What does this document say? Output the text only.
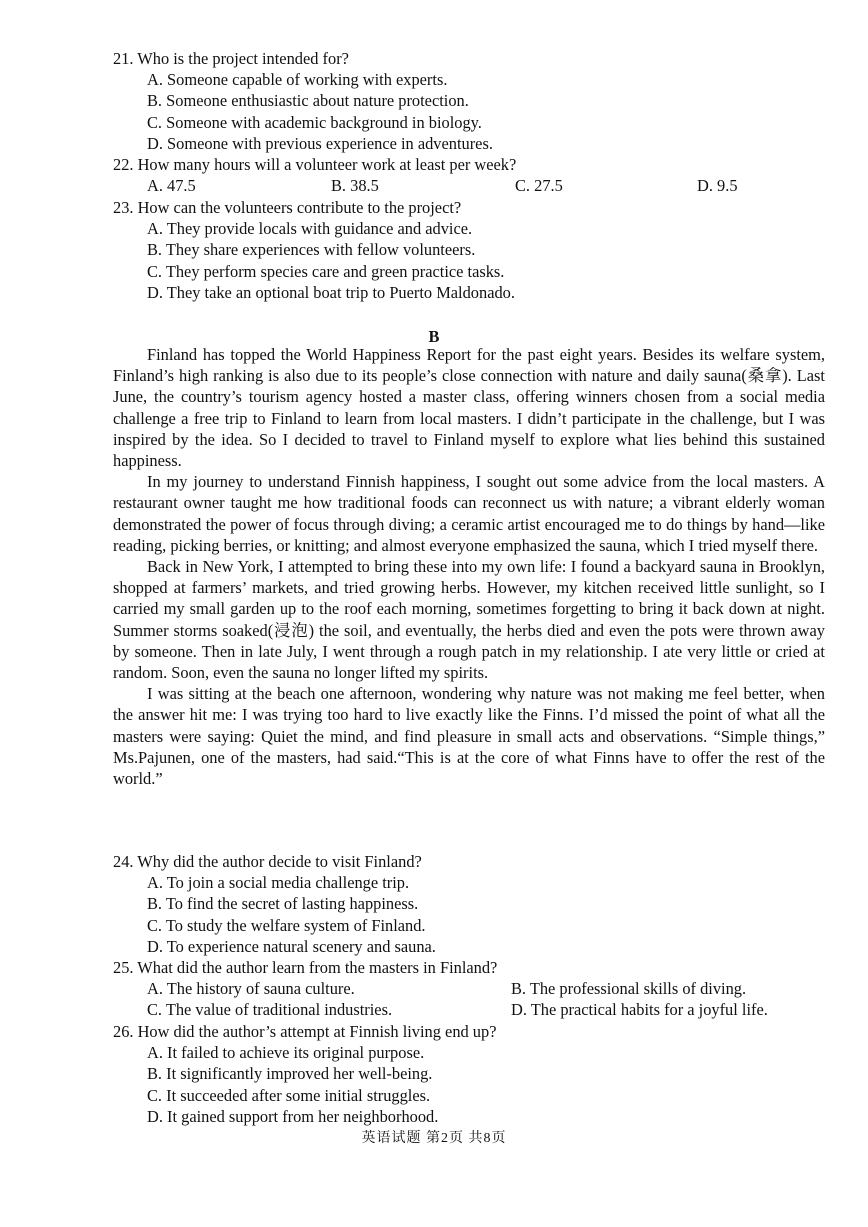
21. Who is the project intended for?

A. Someone capable of working with experts.

B. Someone enthusiastic about nature protection.

C. Someone with academic background in biology.

D. Someone with previous experience in adventures.

22. How many hours will a volunteer work at least per week?

A. 47.5	B. 38.5	C. 27.5	D. 9.5

23. How can the volunteers contribute to the project?

A. They provide locals with guidance and advice.

B. They share experiences with fellow volunteers.

C. They perform species care and green practice tasks.

D. They take an optional boat trip to Puerto Maldonado.

B

Finland has topped the World Happiness Report for the past eight years. Besides its welfare system, Finland’s high ranking is also due to its people’s close connection with nature and daily sauna(桑拿). Last June, the country’s tourism agency hosted a master class, offering winners chosen from a social media challenge a free trip to Finland to learn from local masters. I didn’t participate in the challenge, but I was inspired by the idea. So I decided to travel to Finland myself to explore what lies behind this sustained happiness.

In my journey to understand Finnish happiness, I sought out some advice from the local masters. A restaurant owner taught me how traditional foods can reconnect us with nature; a vibrant elderly woman demonstrated the power of focus through diving; a ceramic artist encouraged me to do things by hand—like reading, picking berries, or knitting; and almost everyone emphasized the sauna, which I tried myself there.

Back in New York, I attempted to bring these into my own life: I found a backyard sauna in Brooklyn, shopped at farmers’ markets, and tried growing herbs. However, my kitchen received little sunlight, so I carried my small garden up to the roof each morning, sometimes forgetting to bring it back down at night. Summer storms soaked(浸泡) the soil, and eventually, the herbs died and even the pots were thrown away by someone. Then in late July, I went through a rough patch in my relationship. I ate very little or cried at random. Soon, even the sauna no longer lifted my spirits.

I was sitting at the beach one afternoon, wondering why nature was not making me feel better, when the answer hit me: I was trying too hard to live exactly like the Finns. I’d missed the point of what all the masters were saying: Quiet the mind, and find pleasure in small acts and observations. “Simple things,” Ms.Pajunen, one of the masters, had said.“This is at the core of what Finns have to offer the rest of the world.”

24. Why did the author decide to visit Finland?

A. To join a social media challenge trip.

B. To find the secret of lasting happiness.

C. To study the welfare system of Finland.

D. To experience natural scenery and sauna.

25. What did the author learn from the masters in Finland?

A. The history of sauna culture.	B. The professional skills of diving.
C. The value of traditional industries.	D. The practical habits for a joyful life.

26. How did the author’s attempt at Finnish living end up?

A. It failed to achieve its original purpose.

B. It significantly improved her well-being.

C. It succeeded after some initial struggles.

D. It gained support from her neighborhood.

英语试题 第2页 共8页
